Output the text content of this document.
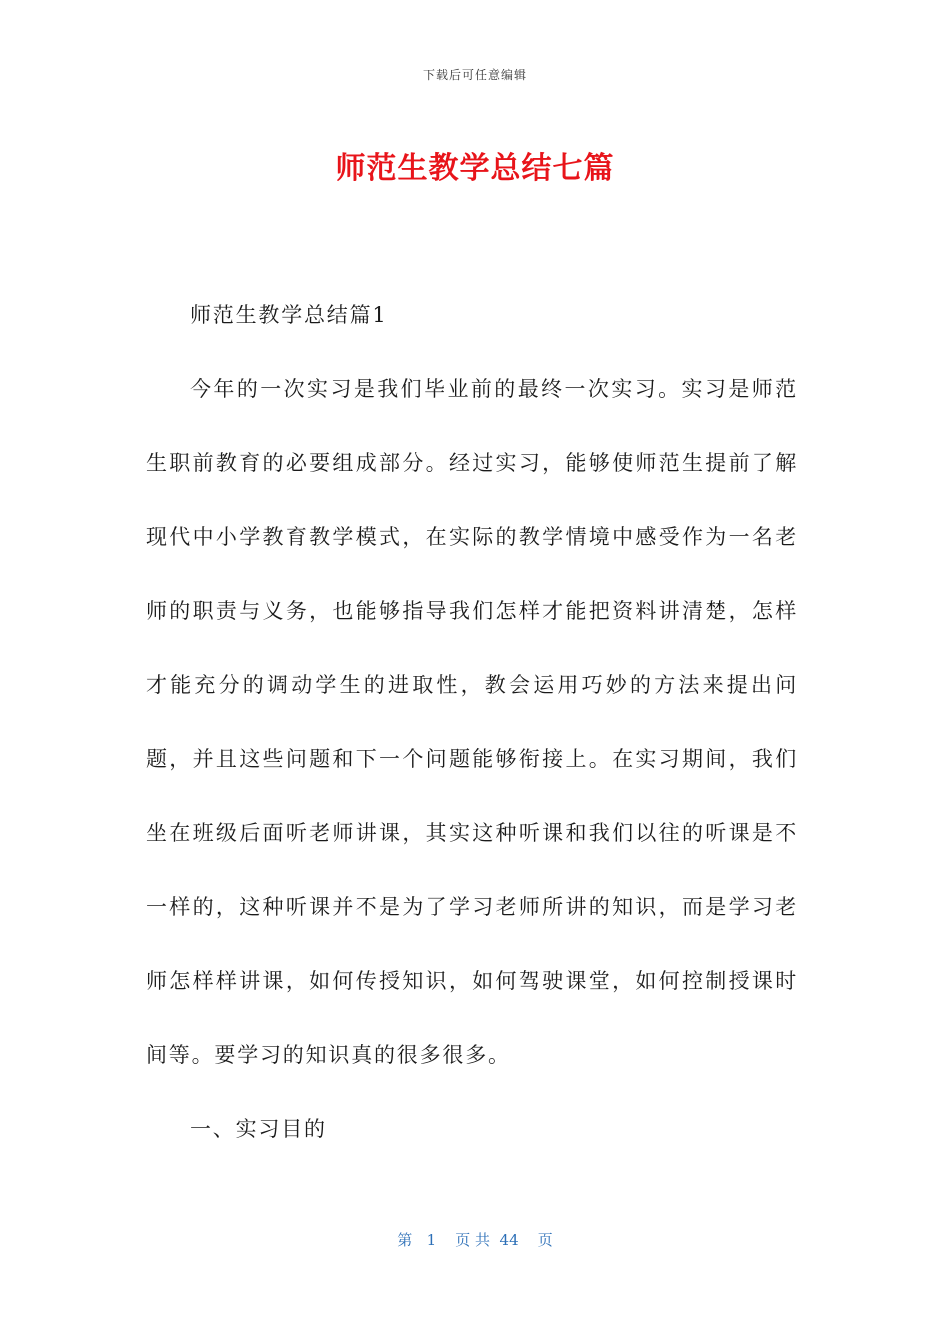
下载后可任意编辑
师范生教学总结七篇

师范生教学总结篇1

今年的一次实习是我们毕业前的最终一次实习。实习是师范生职前教育的必要组成部分。经过实习，能够使师范生提前了解现代中小学教育教学模式，在实际的教学情境中感受作为一名老师的职责与义务，也能够指导我们怎样才能把资料讲清楚，怎样才能充分的调动学生的进取性，教会运用巧妙的方法来提出问题，并且这些问题和下一个问题能够衔接上。在实习期间，我们坐在班级后面听老师讲课，其实这种听课和我们以往的听课是不一样的，这种听课并不是为了学习老师所讲的知识，而是学习老师怎样样讲课，如何传授知识，如何驾驶课堂，如何控制授课时间等。要学习的知识真的很多很多。

一、实习目的

第 1 页 共 44 页
